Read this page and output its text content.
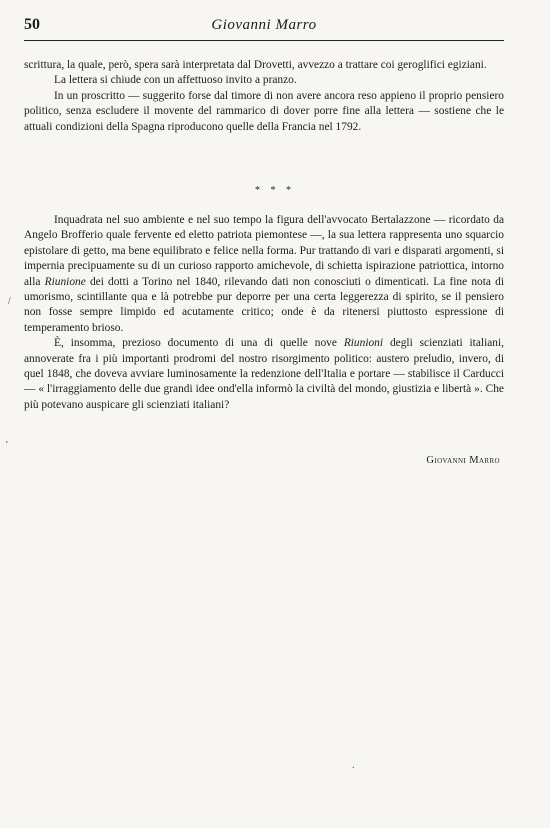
50	Giovanni Marro

scrittura, la quale, però, spera sarà interpretata dal Drovetti, avvezzo a trattare coi geroglifici egiziani.

La lettera si chiude con un affettuoso invito a pranzo.

In un proscritto — suggerito forse dal timore di non avere ancora reso appieno il proprio pensiero politico, senza escludere il movente del rammarico di dover porre fine alla lettera — sostiene che le attuali condizioni della Spagna riproducono quelle della Francia nel 1792.

* * *

Inquadrata nel suo ambiente e nel suo tempo la figura dell'avvocato Bertalazzone — ricordato da Angelo Brofferio quale fervente ed eletto patriota piemontese —, la sua lettera rappresenta uno squarcio epistolare di getto, ma bene equilibrato e felice nella forma. Pur trattando di vari e disparati argomenti, si impernia precipuamente su di un curioso rapporto amichevole, di schietta ispirazione patriottica, intorno alla Riunione dei dotti a Torino nel 1840, rilevando dati non conosciuti o dimenticati. La fine nota di umorismo, scintillante qua e là potrebbe pur deporre per una certa leggerezza di spirito, se il pensiero non fosse sempre limpido ed acutamente critico; onde è da ritenersi piuttosto espressione di temperamento brioso.

È, insomma, prezioso documento di una di quelle nove Riunioni degli scienziati italiani, annoverate fra i più importanti prodromi del nostro risorgimento politico: austero preludio, invero, di quel 1848, che doveva avviare luminosamente la redenzione dell'Italia e portare — stabilisce il Carducci — « l'irraggiamento delle due grandi idee ond'ella informò la civiltà del mondo, giustizia e libertà ». Che più potevano auspicare gli scienziati italiani?

Giovanni Marro
/
'
.
